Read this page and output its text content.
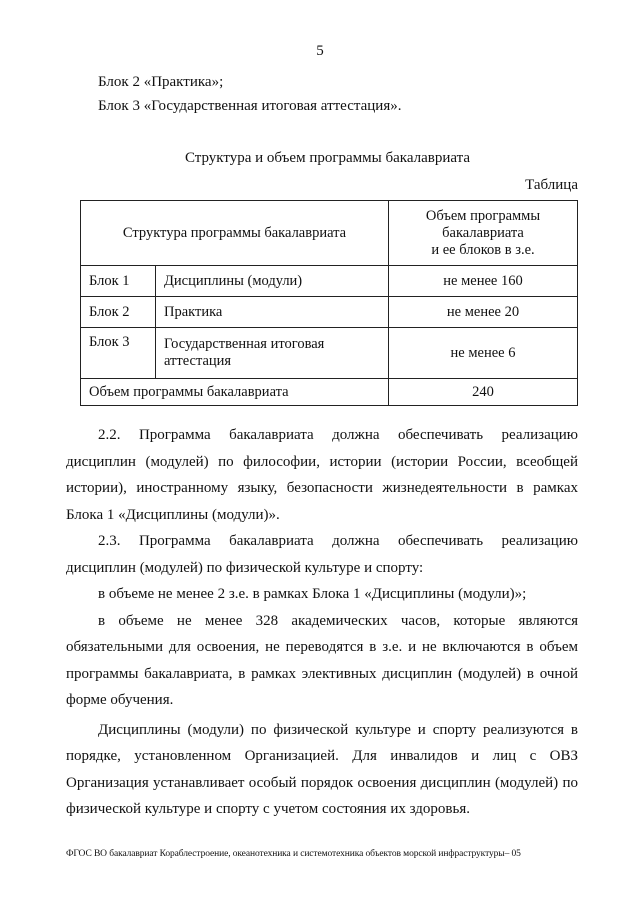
5
Блок 2 «Практика»;
Блок 3 «Государственная итоговая аттестация».
Структура и объем программы бакалавриата
Таблица
Структура программы бакалавриата		Объем программы
бакалавриата
и ее блоков в з.е.

Блок 1	Дисциплины (модули)	не менее 160
Блок 2	Практика	не менее 20
Блок 3	Государственная итоговая аттестация	не менее 6
Объем программы бакалавриата		240

2.2. Программа бакалавриата должна обеспечивать реализацию дисциплин (модулей) по философии, истории (истории России, всеобщей истории), иностранному языку, безопасности жизнедеятельности в рамках Блока 1 «Дисциплины (модули)».

2.3. Программа бакалавриата должна обеспечивать реализацию дисциплин (модулей) по физической культуре и спорту:

в объеме не менее 2 з.е. в рамках Блока 1 «Дисциплины (модули)»;

в объеме не менее 328 академических часов, которые являются обязательными для освоения, не переводятся в з.е. и не включаются в объем программы бакалавриата, в рамках элективных дисциплин (модулей) в очной форме обучения.

Дисциплины (модули) по физической культуре и спорту реализуются в порядке, установленном Организацией. Для инвалидов и лиц с ОВЗ Организация устанавливает особый порядок освоения дисциплин (модулей) по физической культуре и спорту с учетом состояния их здоровья.

ФГОС ВО бакалавриат Кораблестроение, океанотехника и системотехника объектов морской инфраструктуры– 05
